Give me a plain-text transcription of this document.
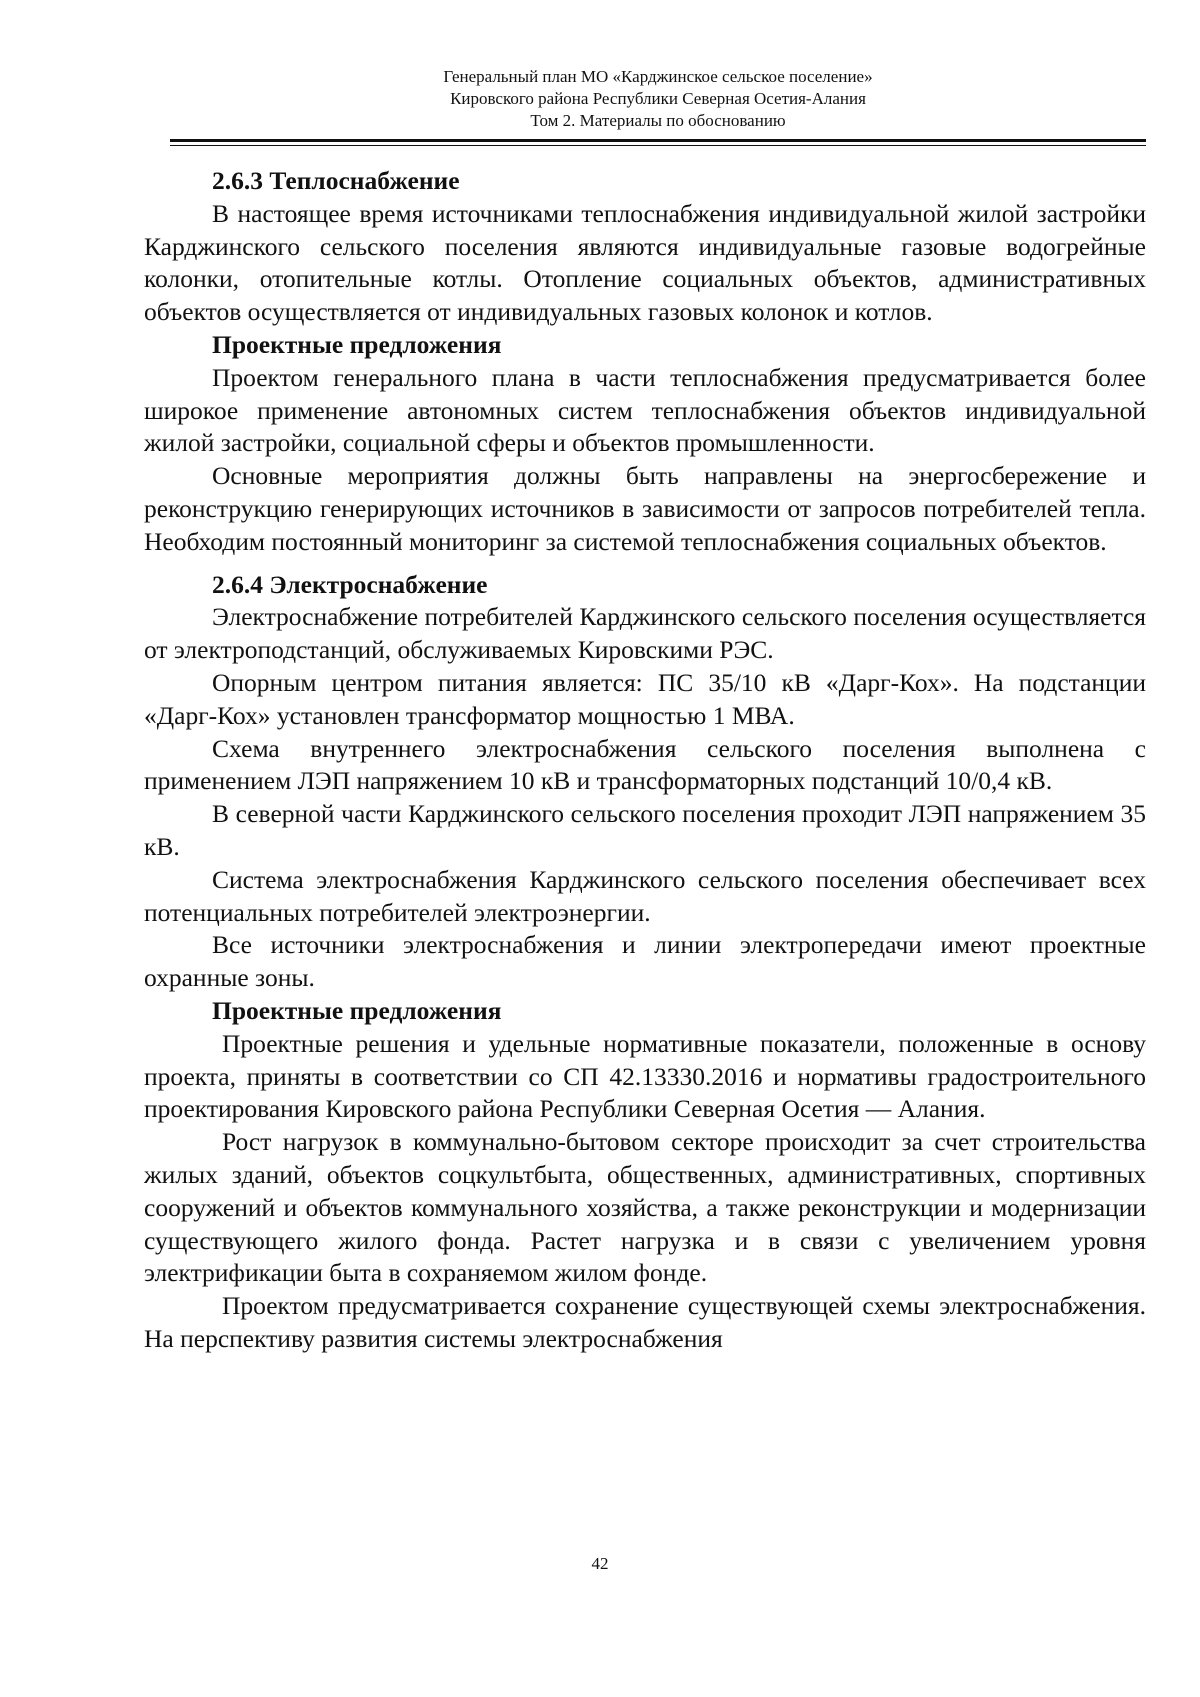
Генеральный план МО «Карджинское сельское поселение»
Кировского района Республики Северная Осетия-Алания
Том 2. Материалы по обоснованию

2.6.3 Теплоснабжение

В настоящее время источниками теплоснабжения индивидуальной жилой застройки Карджинского сельского поселения являются индивидуальные газовые водогрейные колонки, отопительные котлы. Отопление социальных объектов, административных объектов осуществляется от индивидуальных газовых колонок и котлов.

Проектные предложения

Проектом генерального плана в части теплоснабжения предусматривается более широкое применение автономных систем теплоснабжения объектов индивидуальной жилой застройки, социальной сферы и объектов промышленности.

Основные мероприятия должны быть направлены на энергосбережение и реконструкцию генерирующих источников в зависимости от запросов потребителей тепла. Необходим постоянный мониторинг за системой теплоснабжения социальных объектов.

2.6.4 Электроснабжение

Электроснабжение потребителей Карджинского сельского поселения осуществляется от электроподстанций, обслуживаемых Кировскими РЭС.

Опорным центром питания является: ПС 35/10 кВ «Дарг-Кох». На подстанции «Дарг-Кох» установлен трансформатор мощностью 1 МВА.

Схема внутреннего электроснабжения сельского поселения выполнена с применением ЛЭП напряжением 10 кВ и трансформаторных подстанций 10/0,4 кВ.

В северной части Карджинского сельского поселения проходит ЛЭП напряжением 35 кВ.

Система электроснабжения Карджинского сельского поселения обеспечивает всех потенциальных потребителей электроэнергии.

Все источники электроснабжения и линии электропередачи имеют проектные охранные зоны.

Проектные предложения

Проектные решения и удельные нормативные показатели, положенные в основу проекта, приняты в соответствии со СП 42.13330.2016 и нормативы градостроительного проектирования Кировского района Республики Северная Осетия — Алания.

Рост нагрузок в коммунально-бытовом секторе происходит за счет строительства жилых зданий, объектов соцкультбыта, общественных, административных, спортивных сооружений и объектов коммунального хозяйства, а также реконструкции и модернизации существующего жилого фонда. Растет нагрузка и в связи с увеличением уровня электрификации быта в сохраняемом жилом фонде.

Проектом предусматривается сохранение существующей схемы электроснабжения. На перспективу развития системы электроснабжения

42
